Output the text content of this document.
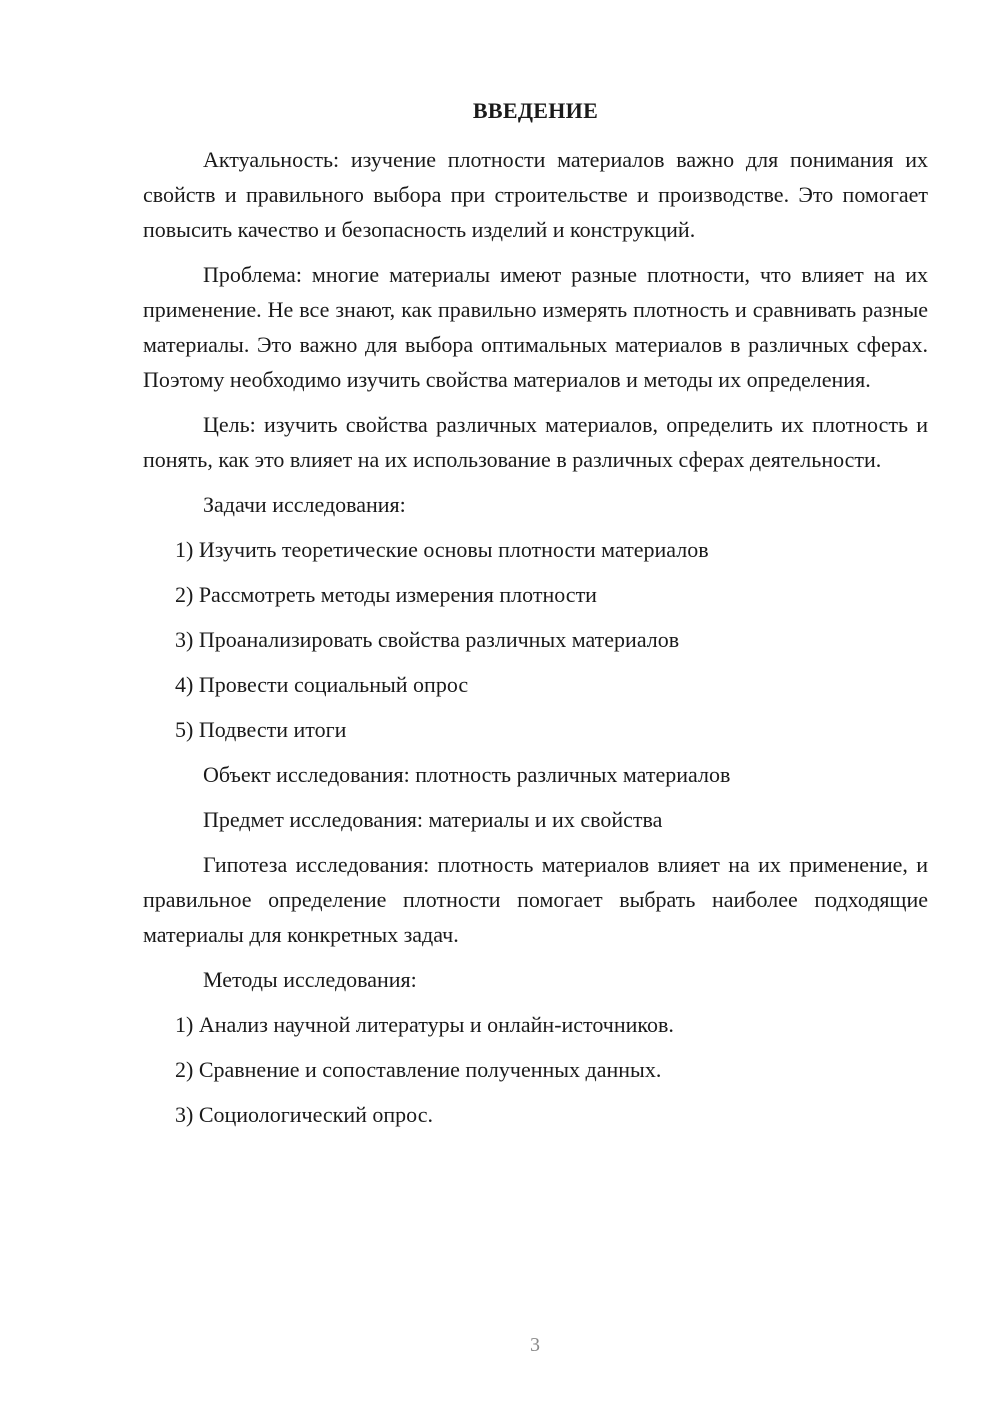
ВВЕДЕНИЕ

Актуальность: изучение плотности материалов важно для понимания их свойств и правильного выбора при строительстве и производстве. Это помогает повысить качество и безопасность изделий и конструкций.

Проблема: многие материалы имеют разные плотности, что влияет на их применение. Не все знают, как правильно измерять плотность и сравнивать разные материалы. Это важно для выбора оптимальных материалов в различных сферах. Поэтому необходимо изучить свойства материалов и методы их определения.

Цель: изучить свойства различных материалов, определить их плотность и понять, как это влияет на их использование в различных сферах деятельности.

Задачи исследования:

1) Изучить теоретические основы плотности материалов
2) Рассмотреть методы измерения плотности
3) Проанализировать свойства различных материалов
4) Провести социальный опрос
5) Подвести итоги

Объект исследования: плотность различных материалов

Предмет исследования: материалы и их свойства

Гипотеза исследования: плотность материалов влияет на их применение, и правильное определение плотности помогает выбрать наиболее подходящие материалы для конкретных задач.

Методы исследования:

1) Анализ научной литературы и онлайн-источников.
2) Сравнение и сопоставление полученных данных.
3) Социологический опрос.
3
